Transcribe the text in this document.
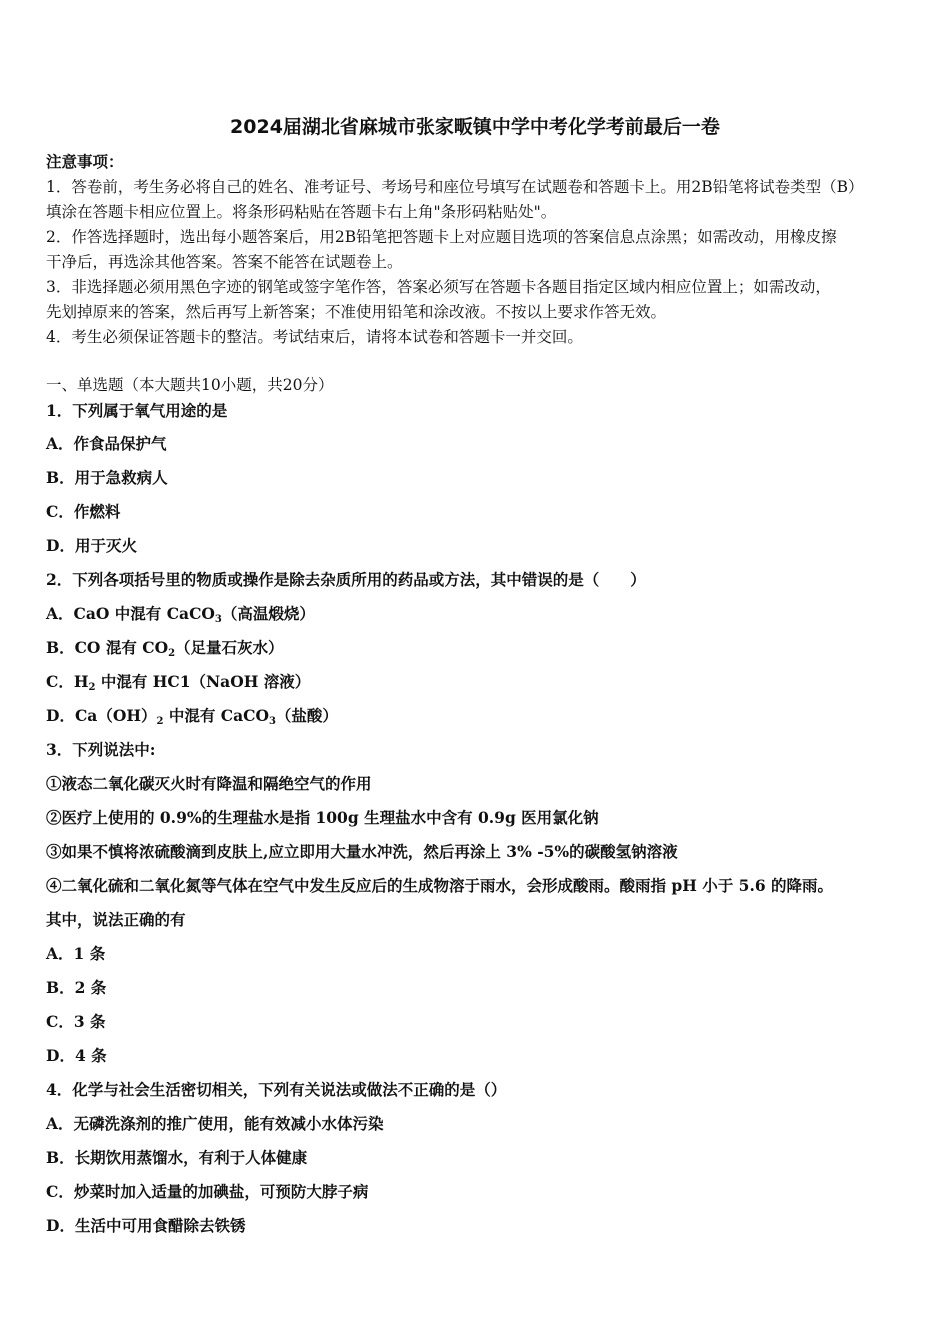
2024届湖北省麻城市张家畈镇中学中考化学考前最后一卷
注意事项：
1．答卷前，考生务必将自己的姓名、准考证号、考场号和座位号填写在试题卷和答题卡上。用2B铅笔将试卷类型（B）
填涂在答题卡相应位置上。将条形码粘贴在答题卡右上角"条形码粘贴处"。
2．作答选择题时，选出每小题答案后，用2B铅笔把答题卡上对应题目选项的答案信息点涂黑；如需改动，用橡皮擦
干净后，再选涂其他答案。答案不能答在试题卷上。
3．非选择题必须用黑色字迹的钢笔或签字笔作答，答案必须写在答题卡各题目指定区域内相应位置上；如需改动，
先划掉原来的答案，然后再写上新答案；不准使用铅笔和涂改液。不按以上要求作答无效。
4．考生必须保证答题卡的整洁。考试结束后，请将本试卷和答题卡一并交回。
一、单选题（本大题共10小题，共20分）
1．下列属于氧气用途的是
A．作食品保护气
B．用于急救病人
C．作燃料
D．用于灭火
2．下列各项括号里的物质或操作是除去杂质所用的药品或方法，其中错误的是（　　）
A．CaO 中混有 CaCO$_3$（高温煅烧）
B．CO 混有 $CO_2$（足量石灰水）
C．$H_2$ 中混有 HC1（NaOH 溶液）
D．$Ca(OH)_2$ 中混有 CaCO$_3$（盐酸）
3．下列说法中:
①液态二氧化碳灭火时有降温和隔绝空气的作用
②医疗上使用的 0.9%的生理盐水是指 100g 生理盐水中含有 0.9g 医用氯化钠
③如果不慎将浓硫酸滴到皮肤上,应立即用大量水冲洗，然后再涂上 3% -5%的碳酸氢钠溶液
④二氧化硫和二氧化氮等气体在空气中发生反应后的生成物溶于雨水，会形成酸雨。酸雨指 pH 小于 5.6 的降雨。
其中，说法正确的有
A．1 条
B．2 条
C．3 条
D．4 条
4．化学与社会生活密切相关，下列有关说法或做法不正确的是（）
A．无磷洗涤剂的推广使用，能有效减小水体污染
B．长期饮用蒸馏水，有利于人体健康
C．炒菜时加入适量的加碘盐，可预防大脖子病
D．生活中可用食醋除去铁锈
